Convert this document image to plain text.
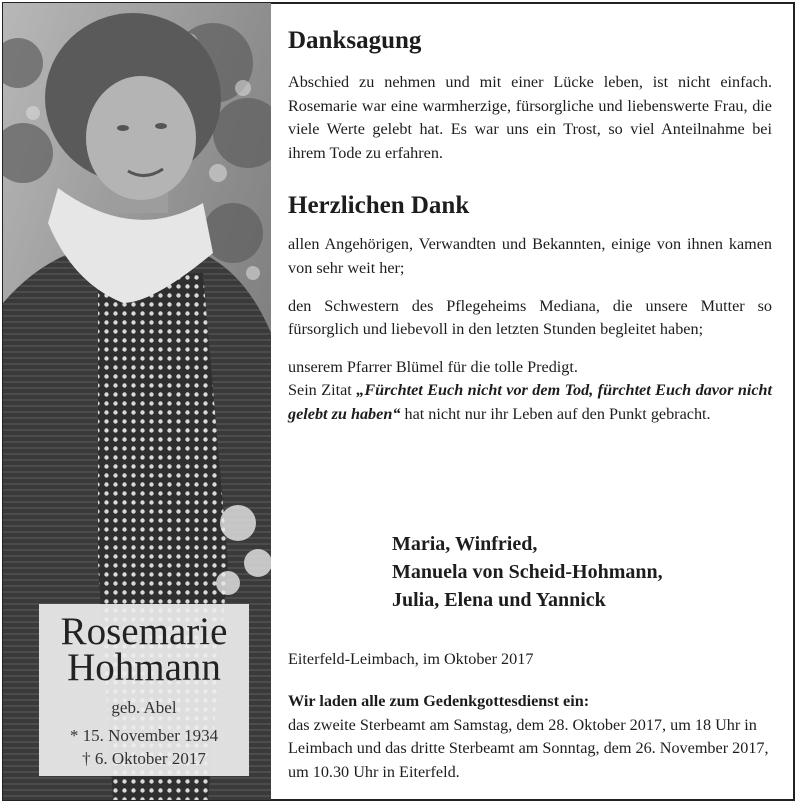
Rosemarie
Hohmann
geb. Abel
* 15. November 1934
† 6. Oktober 2017
Danksagung

Abschied zu nehmen und mit einer Lücke leben, ist nicht einfach. Rosemarie war eine warmherzige, fürsorgliche und liebenswerte Frau, die viele Werte gelebt hat. Es war uns ein Trost, so viel Anteilnahme bei ihrem Tode zu erfahren.

Herzlichen Dank

allen Angehörigen, Verwandten und Bekannten, einige von ihnen kamen von sehr weit her;

den Schwestern des Pflegeheims Mediana, die unsere Mutter so fürsorglich und liebevoll in den letzten Stunden begleitet haben;

unserem Pfarrer Blümel für die tolle Predigt.
Sein Zitat „Fürchtet Euch nicht vor dem Tod, fürchtet Euch davor nicht gelebt zu haben“ hat nicht nur ihr Leben auf den Punkt gebracht.

Maria, Winfried,
Manuela von Scheid-Hohmann,
Julia, Elena und Yannick
Eiterfeld-Leimbach, im Oktober 2017
Wir laden alle zum Gedenkgottesdienst ein:
das zweite Sterbeamt am Samstag, dem 28. Oktober 2017, um 18 Uhr in Leimbach und das dritte Sterbeamt am Sonntag, dem 26. November 2017, um 10.30 Uhr in Eiterfeld.
